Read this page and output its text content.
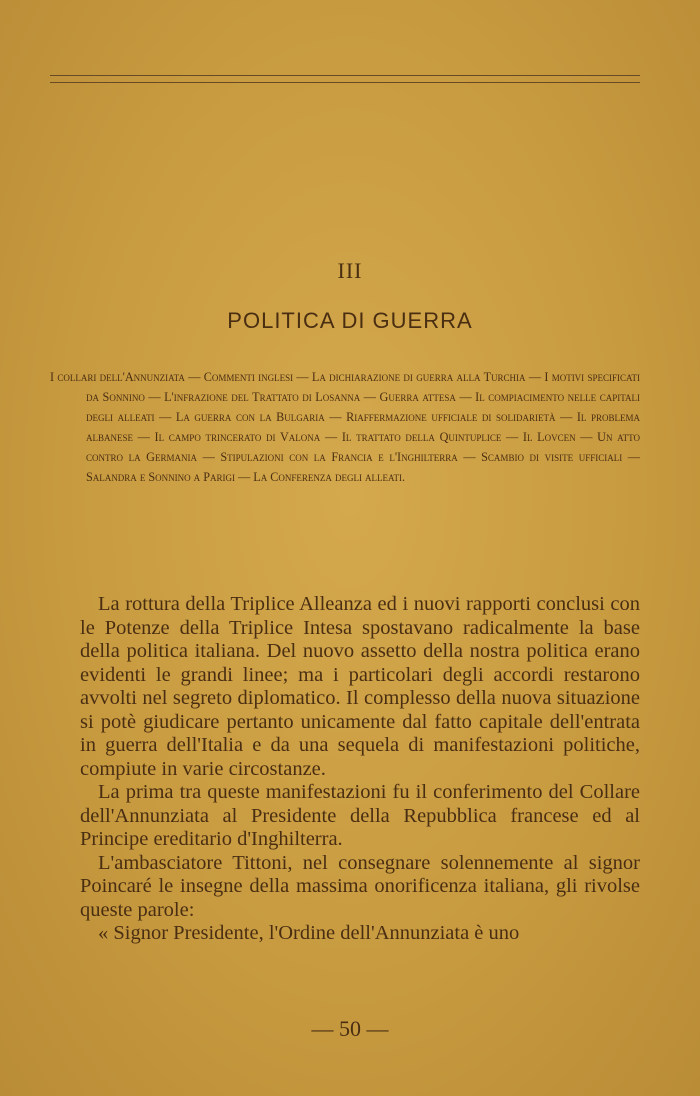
III
POLITICA DI GUERRA
I collari dell'Annunziata — Commenti inglesi — La dichiarazione di guerra alla Turchia — I motivi specificati da Sonnino — L'infrazione del Trattato di Losanna — Guerra attesa — Il compiacimento nelle capitali degli alleati — La guerra con la Bulgaria — Riaffermazione ufficiale di solidarietà — Il problema albanese — Il campo trincerato di Valona — Il trattato della Quintuplice — Il Lovcen — Un atto contro la Germania — Stipulazioni con la Francia e l'Inghilterra — Scambio di visite ufficiali — Salandra e Sonnino a Parigi — La Conferenza degli alleati.

La rottura della Triplice Alleanza ed i nuovi rapporti conclusi con le Potenze della Triplice Intesa spostavano radicalmente la base della politica italiana. Del nuovo assetto della nostra politica erano evidenti le grandi linee; ma i particolari degli accordi restarono avvolti nel segreto diplomatico. Il complesso della nuova situazione si potè giudicare pertanto unicamente dal fatto capitale dell'entrata in guerra dell'Italia e da una sequela di manifestazioni politiche, compiute in varie circostanze.

La prima tra queste manifestazioni fu il conferimento del Collare dell'Annunziata al Presidente della Repubblica francese ed al Principe ereditario d'Inghilterra.

L'ambasciatore Tittoni, nel consegnare solennemente al signor Poincaré le insegne della massima onorificenza italiana, gli rivolse queste parole:

« Signor Presidente, l'Ordine dell'Annunziata è uno

— 50 —
